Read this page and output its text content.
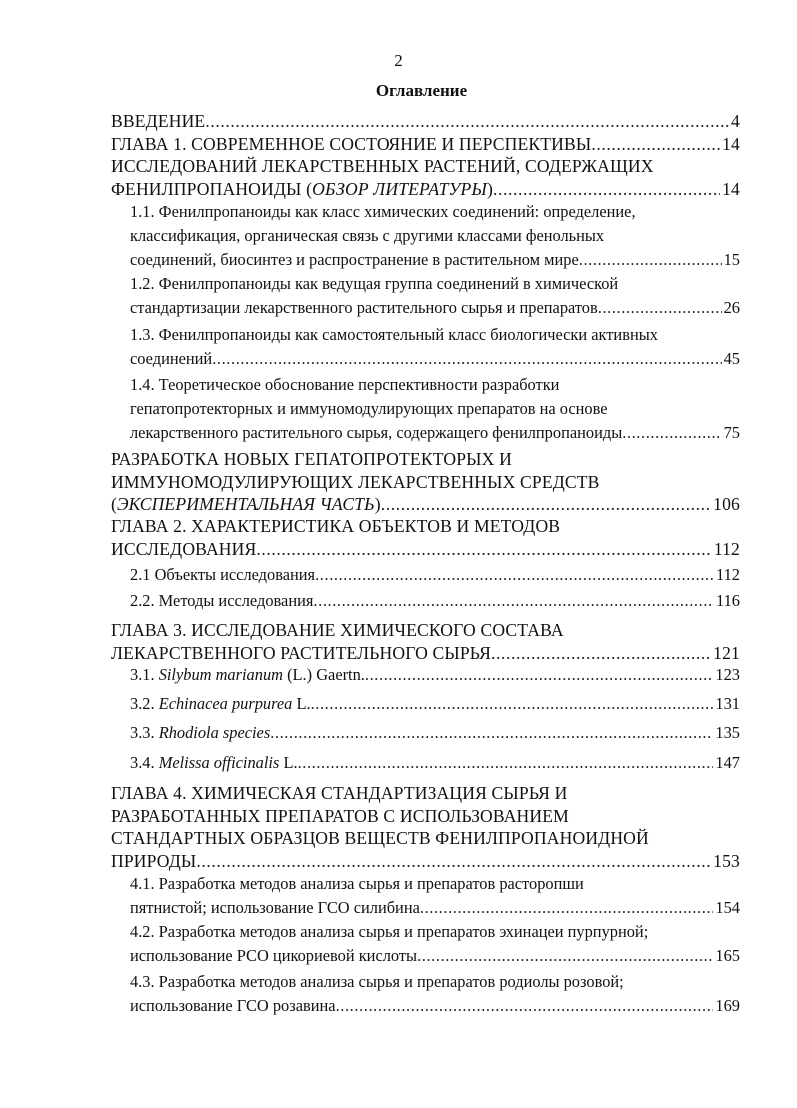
2
Оглавление
ВВЕДЕНИЕ .....	4
ГЛАВА 1. СОВРЕМЕННОЕ СОСТОЯНИЕ И ПЕРСПЕКТИВЫ .....	14
ИССЛЕДОВАНИЙ ЛЕКАРСТВЕННЫХ РАСТЕНИЙ, СОДЕРЖАЩИХ
ФЕНИЛПРОПАНОИДЫ (ОБЗОР ЛИТЕРАТУРЫ) .....	14
1.1. Фенилпропаноиды как класс химических соединений: определение,
классификация, органическая связь с другими классами фенольных
соединений, биосинтез и распространение в растительном мире .....	15
1.2. Фенилпропаноиды как ведущая группа соединений в химической
стандартизации лекарственного растительного сырья и препаратов .....	26
1.3. Фенилпропаноиды как самостоятельный класс биологически активных
соединений .....	45
1.4. Теоретическое обоснование перспективности разработки
гепатопротекторных и иммуномодулирующих препаратов на основе
лекарственного растительного сырья, содержащего фенилпропаноиды .....	75
РАЗРАБОТКА НОВЫХ ГЕПАТОПРОТЕКТОРЫХ И
ИММУНОМОДУЛИРУЮЩИХ ЛЕКАРСТВЕННЫХ СРЕДСТВ
(ЭКСПЕРИМЕНТАЛЬНАЯ ЧАСТЬ) .....	106
ГЛАВА 2. ХАРАКТЕРИСТИКА ОБЪЕКТОВ И МЕТОДОВ
ИССЛЕДОВАНИЯ .....	112
2.1 Объекты исследования .....	112
2.2. Методы исследования .....	116
ГЛАВА 3. ИССЛЕДОВАНИЕ ХИМИЧЕСКОГО СОСТАВА
ЛЕКАРСТВЕННОГО РАСТИТЕЛЬНОГО СЫРЬЯ .....	121
3.1. Silybum marianum (L.) Gaertn. .....	123
3.2. Echinacea purpurea L. .....	131
3.3. Rhodiola species .....	135
3.4. Melissa officinalis L. .....	147
ГЛАВА 4. ХИМИЧЕСКАЯ СТАНДАРТИЗАЦИЯ СЫРЬЯ И
РАЗРАБОТАННЫХ ПРЕПАРАТОВ С ИСПОЛЬЗОВАНИЕМ
СТАНДАРТНЫХ ОБРАЗЦОВ ВЕЩЕСТВ ФЕНИЛПРОПАНОИДНОЙ
ПРИРОДЫ .....	153
4.1. Разработка методов анализа сырья и препаратов расторопши
пятнистой; использование ГСО силибина .....	154
4.2. Разработка методов анализа сырья и препаратов эхинацеи пурпурной;
использование РСО цикориевой кислоты .....	165
4.3. Разработка методов анализа сырья и препаратов родиолы розовой;
использование ГСО розавина .....	169
